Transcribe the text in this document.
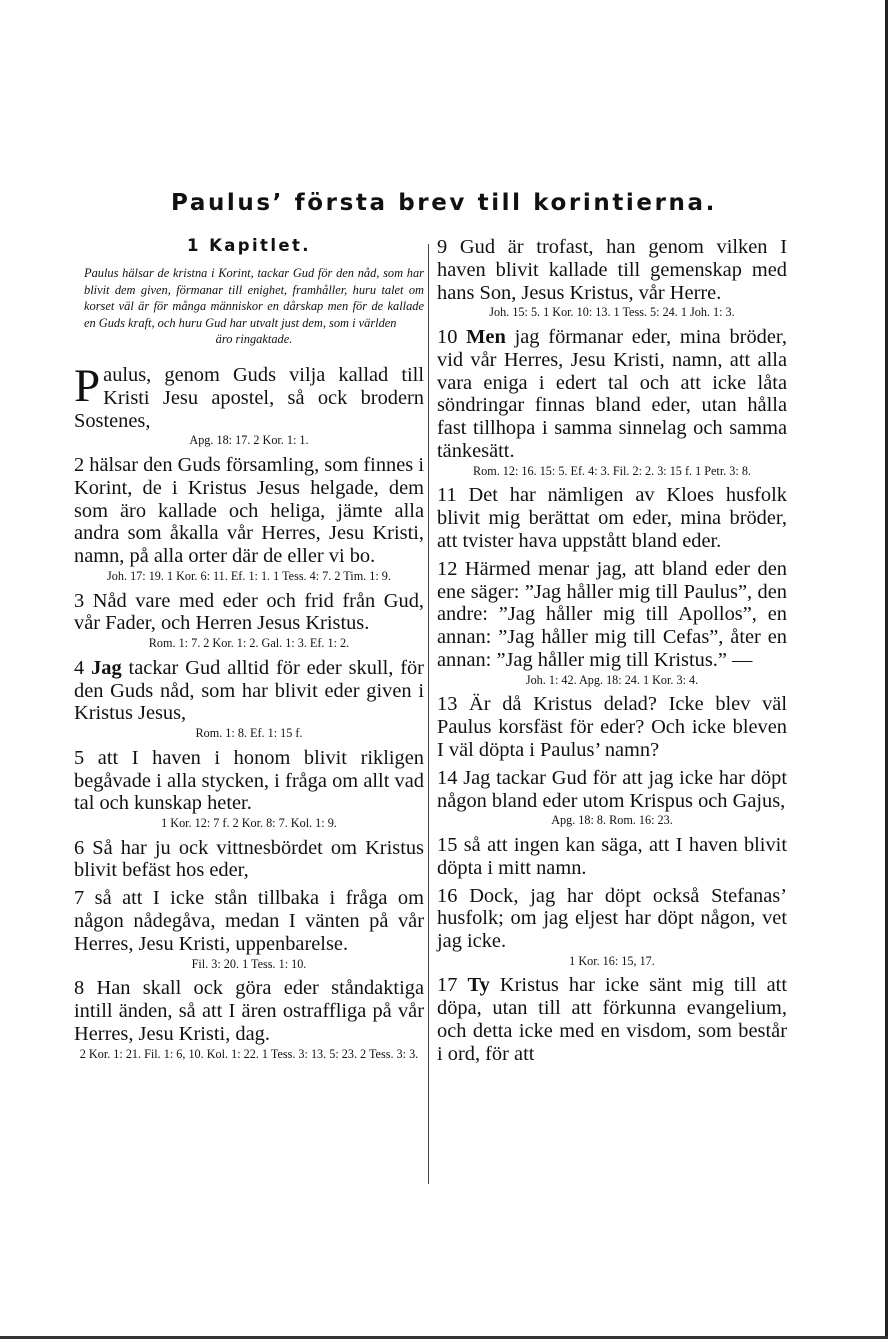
Paulus’ första brev till korintierna.
1 Kapitlet.
Paulus hälsar de kristna i Korint, tackar Gud för den nåd, som har blivit dem given, förmanar till enighet, framhåller, huru talet om korset väl är för många människor en dårskap men för de kallade en Guds kraft, och huru Gud har utvalt just dem, som i världen
äro ringaktade.

Paulus, genom Guds vilja kallad till Kristi Jesu apostel, så ock brodern Sostenes,

Apg. 18: 17. 2 Kor. 1: 1.

2 hälsar den Guds församling, som finnes i Korint, de i Kristus Jesus helgade, dem som äro kallade och heliga, jämte alla andra som åkalla vår Herres, Jesu Kristi, namn, på alla orter där de eller vi bo.

Joh. 17: 19. 1 Kor. 6: 11. Ef. 1: 1. 1 Tess. 4: 7. 2 Tim. 1: 9.

3 Nåd vare med eder och frid från Gud, vår Fader, och Herren Jesus Kristus.

Rom. 1: 7. 2 Kor. 1: 2. Gal. 1: 3. Ef. 1: 2.

4 Jag tackar Gud alltid för eder skull, för den Guds nåd, som har blivit eder given i Kristus Jesus,

Rom. 1: 8. Ef. 1: 15 f.

5 att I haven i honom blivit rikligen begåvade i alla stycken, i fråga om allt vad tal och kunskap heter.

1 Kor. 12: 7 f. 2 Kor. 8: 7. Kol. 1: 9.

6 Så har ju ock vittnesbördet om Kristus blivit befäst hos eder,

7 så att I icke stån tillbaka i fråga om någon nådegåva, medan I vänten på vår Herres, Jesu Kristi, uppenbarelse.

Fil. 3: 20. 1 Tess. 1: 10.

8 Han skall ock göra eder ståndaktiga intill änden, så att I ären ostraffliga på vår Herres, Jesu Kristi, dag.

2 Kor. 1: 21. Fil. 1: 6, 10. Kol. 1: 22. 1 Tess. 3: 13. 5: 23. 2 Tess. 3: 3.

9 Gud är trofast, han genom vilken I haven blivit kallade till gemenskap med hans Son, Jesus Kristus, vår Herre.

Joh. 15: 5. 1 Kor. 10: 13. 1 Tess. 5: 24. 1 Joh. 1: 3.

10 Men jag förmanar eder, mina bröder, vid vår Herres, Jesu Kristi, namn, att alla vara eniga i edert tal och att icke låta söndringar finnas bland eder, utan hålla fast tillhopa i samma sinnelag och samma tänkesätt.

Rom. 12: 16. 15: 5. Ef. 4: 3. Fil. 2: 2. 3: 15 f. 1 Petr. 3: 8.

11 Det har nämligen av Kloes husfolk blivit mig berättat om eder, mina bröder, att tvister hava uppstått bland eder.

12 Härmed menar jag, att bland eder den ene säger: ”Jag håller mig till Paulus”, den andre: ”Jag håller mig till Apollos”, en annan: ”Jag håller mig till Cefas”, åter en annan: ”Jag håller mig till Kristus.” —

Joh. 1: 42. Apg. 18: 24. 1 Kor. 3: 4.

13 Är då Kristus delad? Icke blev väl Paulus korsfäst för eder? Och icke bleven I väl döpta i Paulus’ namn?

14 Jag tackar Gud för att jag icke har döpt någon bland eder utom Krispus och Gajus,

Apg. 18: 8. Rom. 16: 23.

15 så att ingen kan säga, att I haven blivit döpta i mitt namn.

16 Dock, jag har döpt också Stefanas’ husfolk; om jag eljest har döpt någon, vet jag icke.

1 Kor. 16: 15, 17.

17 Ty Kristus har icke sänt mig till att döpa, utan till att förkunna evangelium, och detta icke med en visdom, som består i ord, för att
